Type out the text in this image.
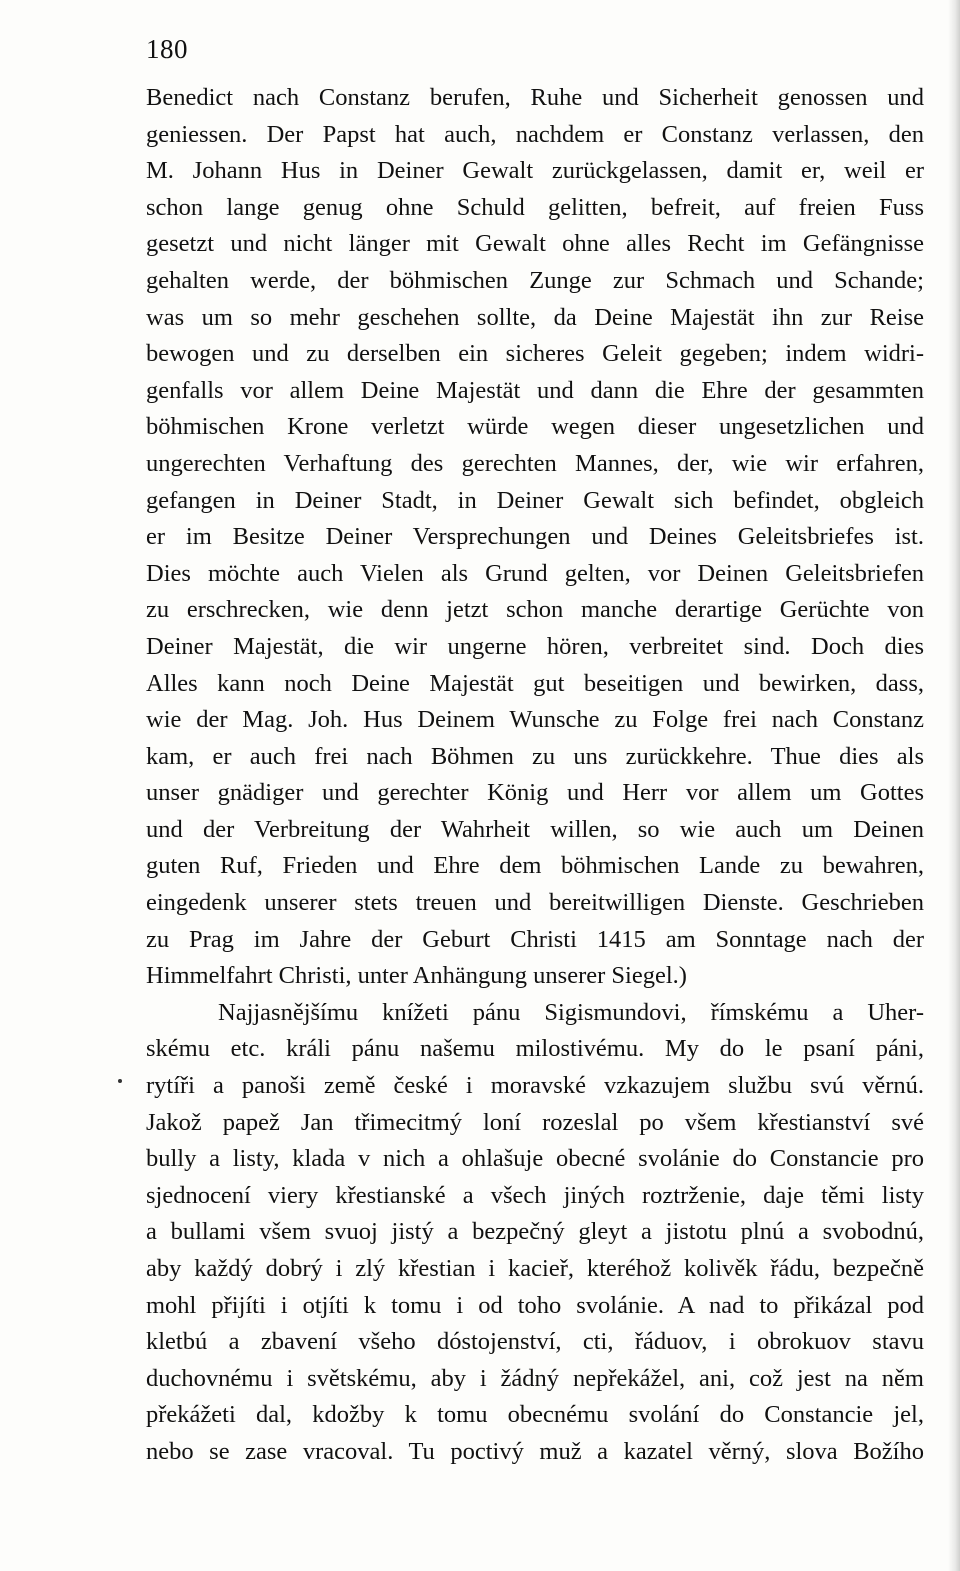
180
Benedict nach Constanz berufen, Ruhe und Sicherheit genossen und
geniessen. Der Papst hat auch, nachdem er Constanz verlassen, den
M. Johann Hus in Deiner Gewalt zurückgelassen, damit er, weil er
schon lange genug ohne Schuld gelitten, befreit, auf freien Fuss
gesetzt und nicht länger mit Gewalt ohne alles Recht im Gefängnisse
gehalten werde, der böhmischen Zunge zur Schmach und Schande;
was um so mehr geschehen sollte, da Deine Majestät ihn zur Reise
bewogen und zu derselben ein sicheres Geleit gegeben; indem widri-
genfalls vor allem Deine Majestät und dann die Ehre der gesammten
böhmischen Krone verletzt würde wegen dieser ungesetzlichen und
ungerechten Verhaftung des gerechten Mannes, der, wie wir erfahren,
gefangen in Deiner Stadt, in Deiner Gewalt sich befindet, obgleich
er im Besitze Deiner Versprechungen und Deines Geleitsbriefes ist.
Dies möchte auch Vielen als Grund gelten, vor Deinen Geleitsbriefen
zu erschrecken, wie denn jetzt schon manche derartige Gerüchte von
Deiner Majestät, die wir ungerne hören, verbreitet sind. Doch dies
Alles kann noch Deine Majestät gut beseitigen und bewirken, dass,
wie der Mag. Joh. Hus Deinem Wunsche zu Folge frei nach Constanz
kam, er auch frei nach Böhmen zu uns zurückkehre. Thue dies als
unser gnädiger und gerechter König und Herr vor allem um Gottes
und der Verbreitung der Wahrheit willen, so wie auch um Deinen
guten Ruf, Frieden und Ehre dem böhmischen Lande zu bewahren,
eingedenk unserer stets treuen und bereitwilligen Dienste. Geschrieben
zu Prag im Jahre der Geburt Christi 1415 am Sonntage nach der
Himmelfahrt Christi, unter Anhängung unserer Siegel.)
Najjasnějšímu knížeti pánu Sigismundovi, římskému a Uher-
skému etc. králi pánu našemu milostivému. My do le psaní páni,
rytíři a panoši země české i moravské vzkazujem službu svú věrnú.
Jakož papež Jan třimecitmý loní rozeslal po všem křestianství své
bully a listy, klada v nich a ohlašuje obecné svolánie do Constancie pro
sjednocení viery křestianské a všech jiných roztrženie, daje těmi listy
a bullami všem svuoj jistý a bezpečný gleyt a jistotu plnú a svobodnú,
aby každý dobrý i zlý křestian i kacieř, kteréhož kolivěk řádu, bezpečně
mohl přijíti i otjíti k tomu i od toho svolánie. A nad to přikázal pod
kletbú a zbavení všeho dóstojenství, cti, řáduov, i obrokuov stavu
duchovnému i světskému, aby i žádný nepřekážel, ani, což jest na něm
překážeti dal, kdožby k tomu obecnému svolání do Constancie jel,
nebo se zase vracoval. Tu poctivý muž a kazatel věrný, slova Božího
